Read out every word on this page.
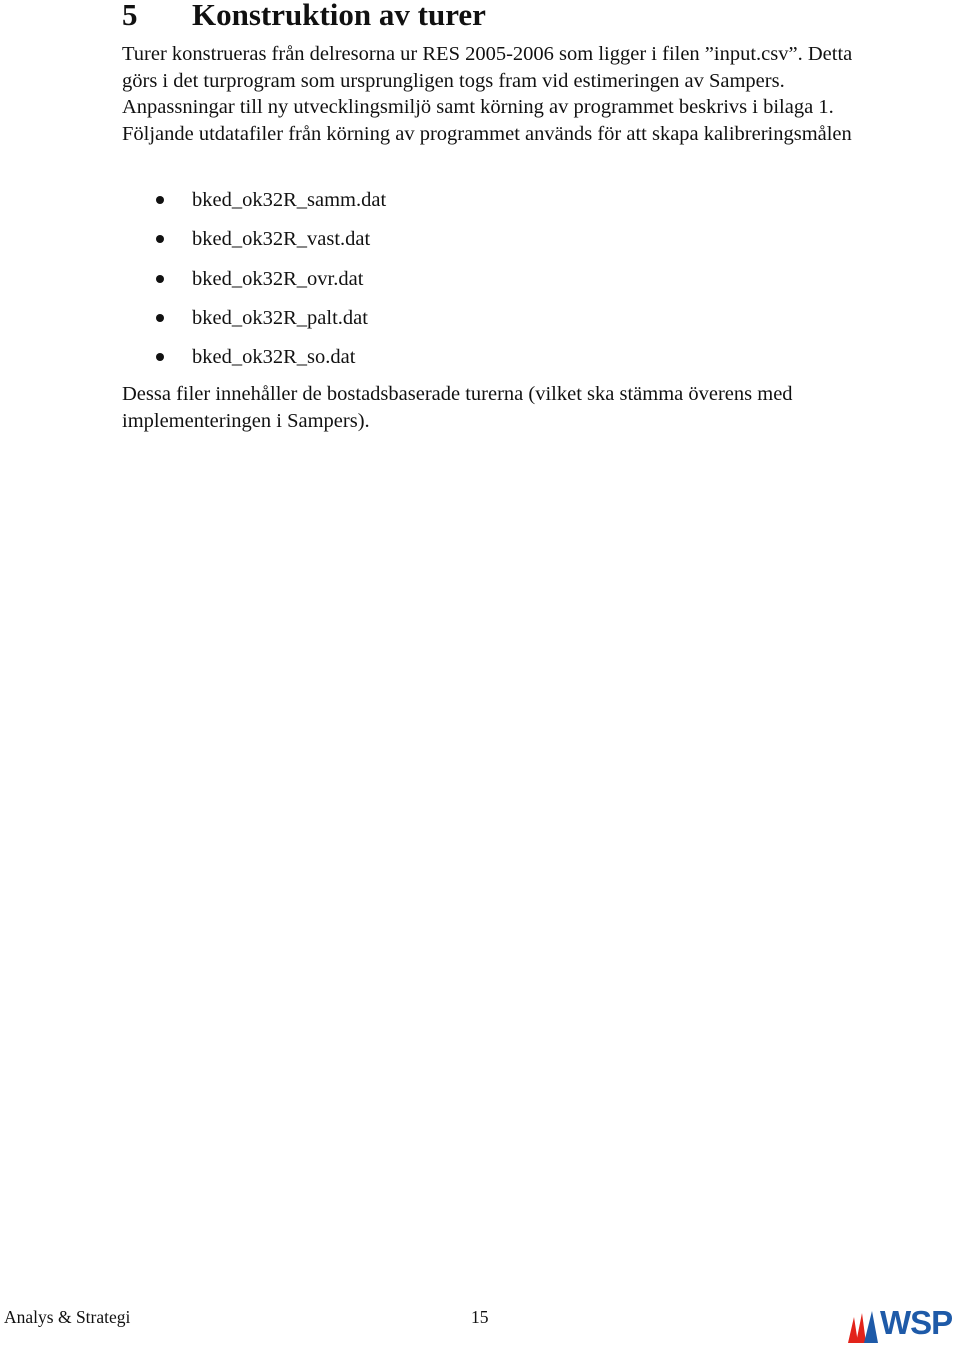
5 Konstruktion av turer

Turer konstrueras från delresorna ur RES 2005-2006 som ligger i filen ”input.csv”. Detta görs i det turprogram som ursprungligen togs fram vid estimeringen av Sampers. Anpassningar till ny utvecklingsmiljö samt körning av programmet beskrivs i bilaga 1. Följande utdatafiler från körning av programmet används för att skapa kalibreringsmålen

bked_ok32R_samm.dat
bked_ok32R_vast.dat
bked_ok32R_ovr.dat
bked_ok32R_palt.dat
bked_ok32R_so.dat

Dessa filer innehåller de bostadsbaserade turerna (vilket ska stämma överens med implementeringen i Sampers).

Analys & Strategi	15	WSP
